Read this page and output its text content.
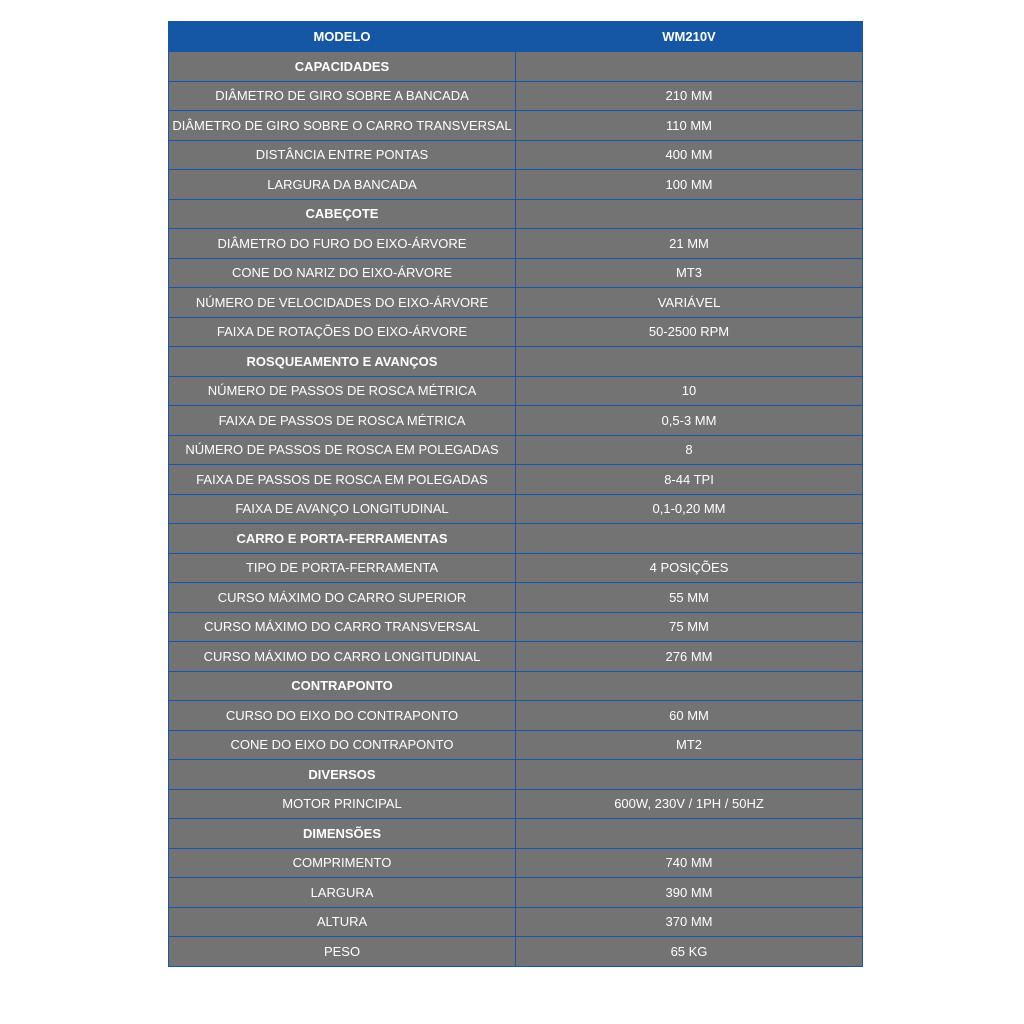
MODELO	WM210V
CAPACIDADES	
DIÂMETRO DE GIRO SOBRE A BANCADA	210 MM
DIÂMETRO DE GIRO SOBRE O CARRO TRANSVERSAL	110 MM
DISTÂNCIA ENTRE PONTAS	400 MM
LARGURA DA BANCADA	100 MM
CABEÇOTE	
DIÂMETRO DO FURO DO EIXO-ÁRVORE	21 MM
CONE DO NARIZ DO EIXO-ÁRVORE	MT3
NÚMERO DE VELOCIDADES DO EIXO-ÁRVORE	VARIÁVEL
FAIXA DE ROTAÇÕES DO EIXO-ÁRVORE	50-2500 RPM
ROSQUEAMENTO E AVANÇOS	
NÚMERO DE PASSOS DE ROSCA MÉTRICA	10
FAIXA DE PASSOS DE ROSCA MÉTRICA	0,5-3 MM
NÚMERO DE PASSOS DE ROSCA EM POLEGADAS	8
FAIXA DE PASSOS DE ROSCA EM POLEGADAS	8-44 TPI
FAIXA DE AVANÇO LONGITUDINAL	0,1-0,20 MM
CARRO E PORTA-FERRAMENTAS	
TIPO DE PORTA-FERRAMENTA	4 POSIÇÕES
CURSO MÁXIMO DO CARRO SUPERIOR	55 MM
CURSO MÁXIMO DO CARRO TRANSVERSAL	75 MM
CURSO MÁXIMO DO CARRO LONGITUDINAL	276 MM
CONTRAPONTO	
CURSO DO EIXO DO CONTRAPONTO	60 MM
CONE DO EIXO DO CONTRAPONTO	MT2
DIVERSOS	
MOTOR PRINCIPAL	600W, 230V / 1PH / 50HZ
DIMENSÕES	
COMPRIMENTO	740 MM
LARGURA	390 MM
ALTURA	370 MM
PESO	65 KG
